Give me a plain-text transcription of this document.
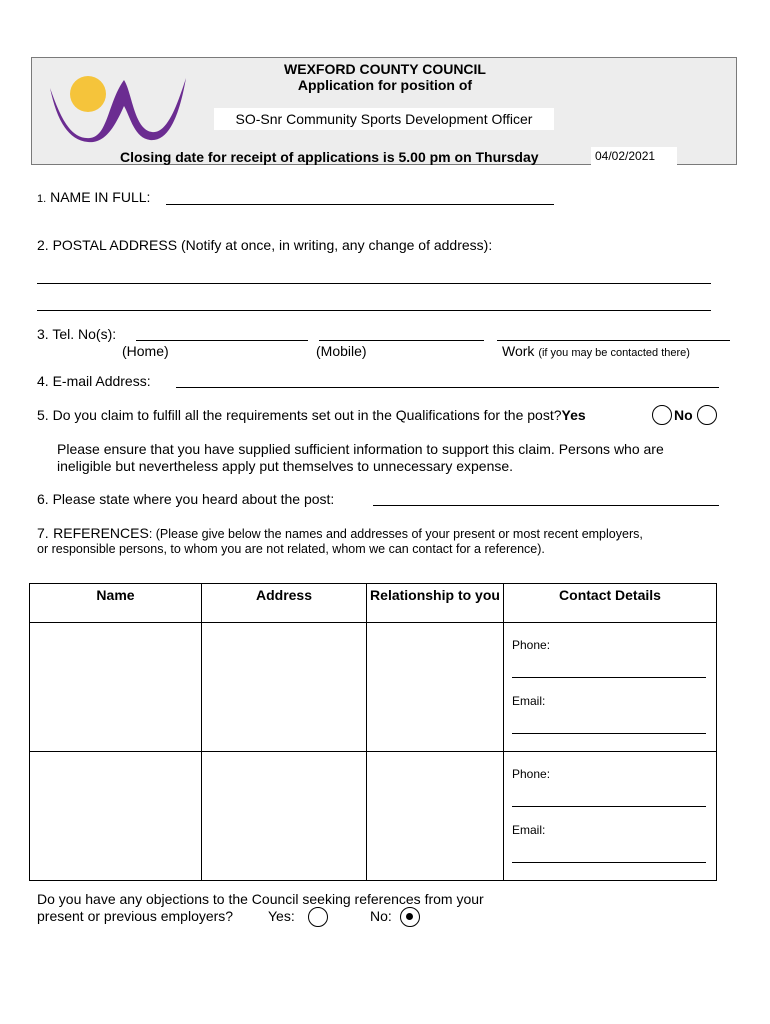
WEXFORD COUNTY COUNCIL
Application for position of
SO-Snr Community Sports Development Officer
Closing date for receipt of applications is 5.00 pm on Thursday	04/02/2021
1. NAME IN FULL:
2. POSTAL ADDRESS (Notify at once, in writing, any change of address):
3. Tel. No(s):
(Home)	(Mobile)	Work (if you may be contacted there)
4. E-mail Address:
5. Do you claim to fulfill all the requirements set out in the Qualifications for the post?Yes	No
Please ensure that you have supplied sufficient information to support this claim. Persons who are
ineligible but nevertheless apply put themselves to unnecessary expense.
6. Please state where you heard about the post:
7. REFERENCES: (Please give below the names and addresses of your present or most recent employers,
or responsible persons, to whom you are not related, whom we can contact for a reference).
Name	Address	Relationship to you	Contact Details

			Phone:
Email:

			Phone:
Email:
Do you have any objections to the Council seeking references from your
present or previous employers? Yes:	No:
